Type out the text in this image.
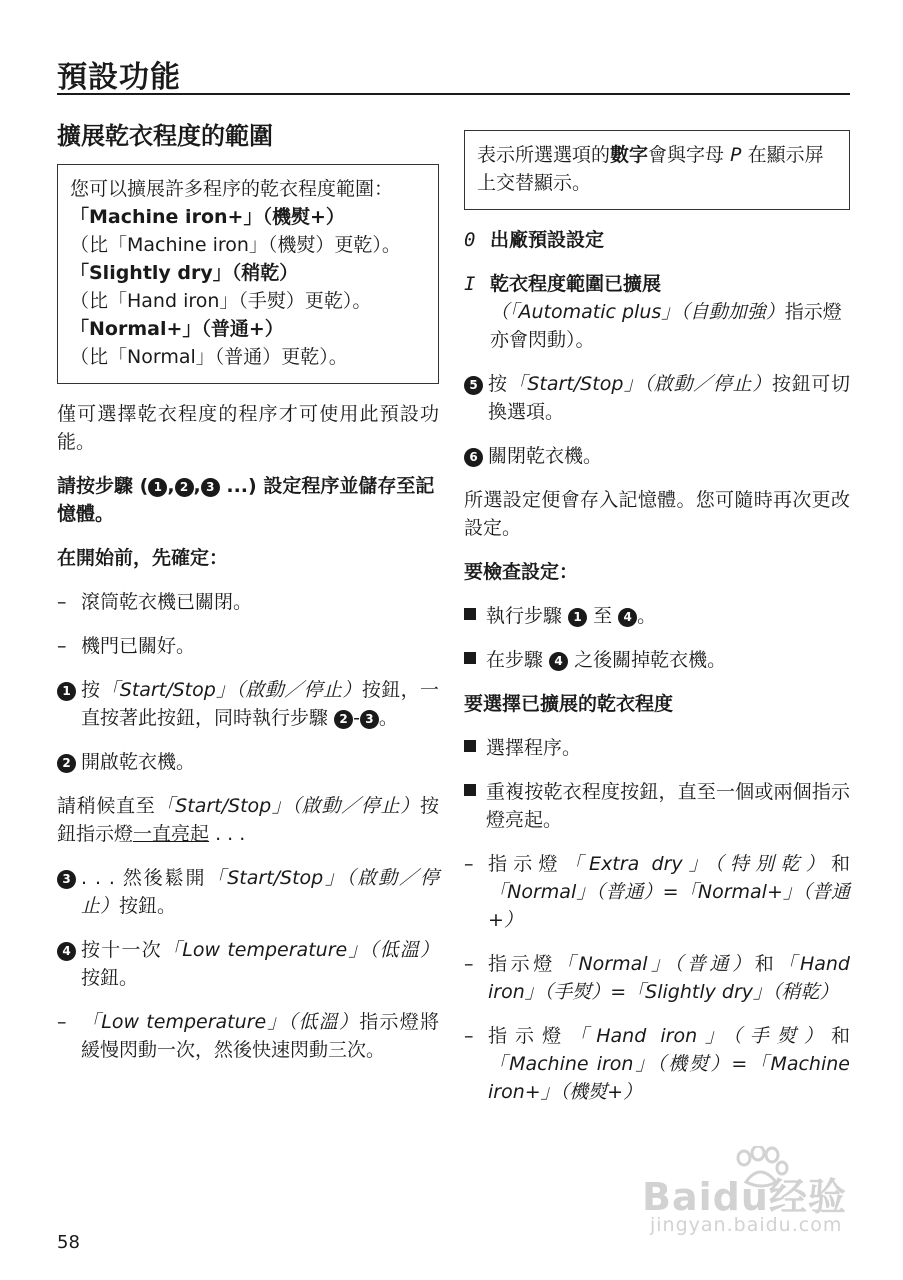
預設功能
擴展乾衣程度的範圍
您可以擴展許多程序的乾衣程度範圍：
「Machine iron+」（機熨+）
（比「Machine iron」（機熨）更乾）。
「Slightly dry」（稍乾）
（比「Hand iron」（手熨）更乾）。
「Normal+」（普通+）
（比「Normal」（普通）更乾）。

僅可選擇乾衣程度的程序才可使用此預設功能。

請按步驟 ( 1 , 2 , 3 ...) 設定程序並儲存至記憶體。

在開始前，先確定：

– 滾筒乾衣機已關閉。
– 機門已關好。
1 按「Start/Stop」（啟動／停止）按鈕，一直按著此按鈕，同時執行步驟 2 - 3 。
2 開啟乾衣機。

請稍候直至「Start/Stop」（啟動／停止）按鈕指示燈一直亮起 . . .

3 . . . 然後鬆開「Start/Stop」（啟動／停止）按鈕。
4 按十一次「Low temperature」（低溫）按鈕。
– 「Low temperature」（低溫）指示燈將緩慢閃動一次，然後快速閃動三次。
表示所選選項的數字會與字母 P 在顯示屏上交替顯示。
0 出廠預設設定
I 乾衣程度範圍已擴展
（「Automatic plus」（自動加強）指示燈亦會閃動）。
5 按「Start/Stop」（啟動／停止）按鈕可切換選項。
6 關閉乾衣機。

所選設定便會存入記憶體。您可隨時再次更改設定。

要檢查設定：

執行步驟 1 至 4 。
在步驟 4 之後關掉乾衣機。

要選擇已擴展的乾衣程度

選擇程序。
重複按乾衣程度按鈕，直至一個或兩個指示燈亮起。
– 指示燈「Extra dry」（特別乾）和「Normal」（普通）=「Normal+」（普通+）
– 指示燈「Normal」（普通）和「Hand iron」（手熨）=「Slightly dry」（稍乾）
– 指示燈「Hand iron」（手熨）和「Machine iron」（機熨）=「Machine iron+」（機熨+）
Baidu经验
jingyan.baidu.com
58
